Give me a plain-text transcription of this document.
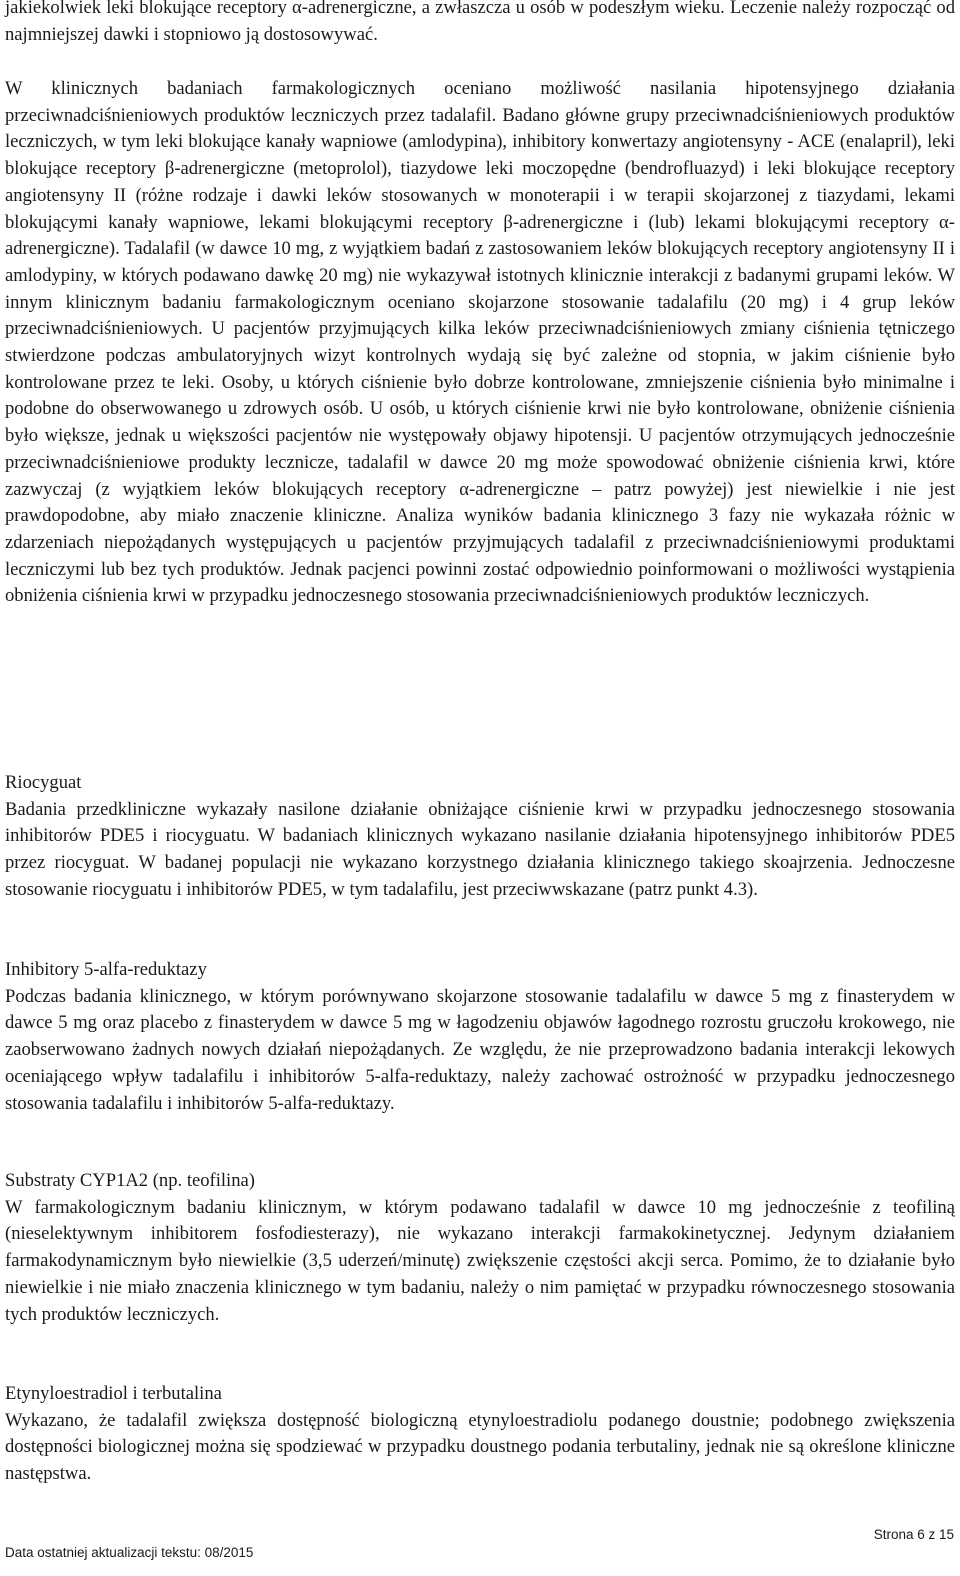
jakiekolwiek leki blokujące receptory α-adrenergiczne, a zwłaszcza u osób w podeszłym wieku. Leczenie należy rozpocząć od najmniejszej dawki i stopniowo ją dostosowywać.

W klinicznych badaniach farmakologicznych oceniano możliwość nasilania hipotensyjnego działania przeciwnadciśnieniowych produktów leczniczych przez tadalafil. Badano główne grupy przeciwnadciśnieniowych produktów leczniczych, w tym leki blokujące kanały wapniowe (amlodypina), inhibitory konwertazy angiotensyny - ACE (enalapril), leki blokujące receptory β-adrenergiczne (metoprolol), tiazydowe leki moczopędne (bendrofluazyd) i leki blokujące receptory angiotensyny II (różne rodzaje i dawki leków stosowanych w monoterapii i w terapii skojarzonej z tiazydami, lekami blokującymi kanały wapniowe, lekami blokującymi receptory β-adrenergiczne i (lub) lekami blokującymi receptory α-adrenergiczne). Tadalafil (w dawce 10 mg, z wyjątkiem badań z zastosowaniem leków blokujących receptory angiotensyny II i amlodypiny, w których podawano dawkę 20 mg) nie wykazywał istotnych klinicznie interakcji z badanymi grupami leków. W innym klinicznym badaniu farmakologicznym oceniano skojarzone stosowanie tadalafilu (20 mg) i 4 grup leków przeciwnadciśnieniowych. U pacjentów przyjmujących kilka leków przeciwnadciśnieniowych zmiany ciśnienia tętniczego stwierdzone podczas ambulatoryjnych wizyt kontrolnych wydają się być zależne od stopnia, w jakim ciśnienie było kontrolowane przez te leki. Osoby, u których ciśnienie było dobrze kontrolowane, zmniejszenie ciśnienia było minimalne i podobne do obserwowanego u zdrowych osób. U osób, u których ciśnienie krwi nie było kontrolowane, obniżenie ciśnienia było większe, jednak u większości pacjentów nie występowały objawy hipotensji. U pacjentów otrzymujących jednocześnie przeciwnadciśnieniowe produkty lecznicze, tadalafil w dawce 20 mg może spowodować obniżenie ciśnienia krwi, które zazwyczaj (z wyjątkiem leków blokujących receptory α-adrenergiczne – patrz powyżej) jest niewielkie i nie jest prawdopodobne, aby miało znaczenie kliniczne. Analiza wyników badania klinicznego 3 fazy nie wykazała różnic w zdarzeniach niepożądanych występujących u pacjentów przyjmujących tadalafil z przeciwnadciśnieniowymi produktami leczniczymi lub bez tych produktów. Jednak pacjenci powinni zostać odpowiednio poinformowani o możliwości wystąpienia obniżenia ciśnienia krwi w przypadku jednoczesnego stosowania przeciwnadciśnieniowych produktów leczniczych.

Riocyguat

Badania przedkliniczne wykazały nasilone działanie obniżające ciśnienie krwi w przypadku jednoczesnego stosowania inhibitorów PDE5 i riocyguatu. W badaniach klinicznych wykazano nasilanie działania hipotensyjnego inhibitorów PDE5 przez riocyguat. W badanej populacji nie wykazano korzystnego działania klinicznego takiego skoajrzenia. Jednoczesne stosowanie riocyguatu i inhibitorów PDE5, w tym tadalafilu, jest przeciwwskazane (patrz punkt 4.3).

Inhibitory 5-alfa-reduktazy

Podczas badania klinicznego, w którym porównywano skojarzone stosowanie tadalafilu w dawce 5 mg z finasterydem w dawce 5 mg oraz placebo z finasterydem w dawce 5 mg w łagodzeniu objawów łagodnego rozrostu gruczołu krokowego, nie zaobserwowano żadnych nowych działań niepożądanych. Ze względu, że nie przeprowadzono badania interakcji lekowych oceniającego wpływ tadalafilu i inhibitorów 5-alfa-reduktazy, należy zachować ostrożność w przypadku jednoczesnego stosowania tadalafilu i inhibitorów 5-alfa-reduktazy.

Substraty CYP1A2 (np. teofilina)

W farmakologicznym badaniu klinicznym, w którym podawano tadalafil w dawce 10 mg jednocześnie z teofiliną (nieselektywnym inhibitorem fosfodiesterazy), nie wykazano interakcji farmakokinetycznej. Jedynym działaniem farmakodynamicznym było niewielkie (3,5 uderzeń/minutę) zwiększenie częstości akcji serca. Pomimo, że to działanie było niewielkie i nie miało znaczenia klinicznego w tym badaniu, należy o nim pamiętać w przypadku równoczesnego stosowania tych produktów leczniczych.

Etynyloestradiol i terbutalina

Wykazano, że tadalafil zwiększa dostępność biologiczną etynyloestradiolu podanego doustnie; podobnego zwiększenia dostępności biologicznej można się spodziewać w przypadku doustnego podania terbutaliny, jednak nie są określone kliniczne następstwa.

Strona 6 z 15
Data ostatniej aktualizacji tekstu: 08/2015
